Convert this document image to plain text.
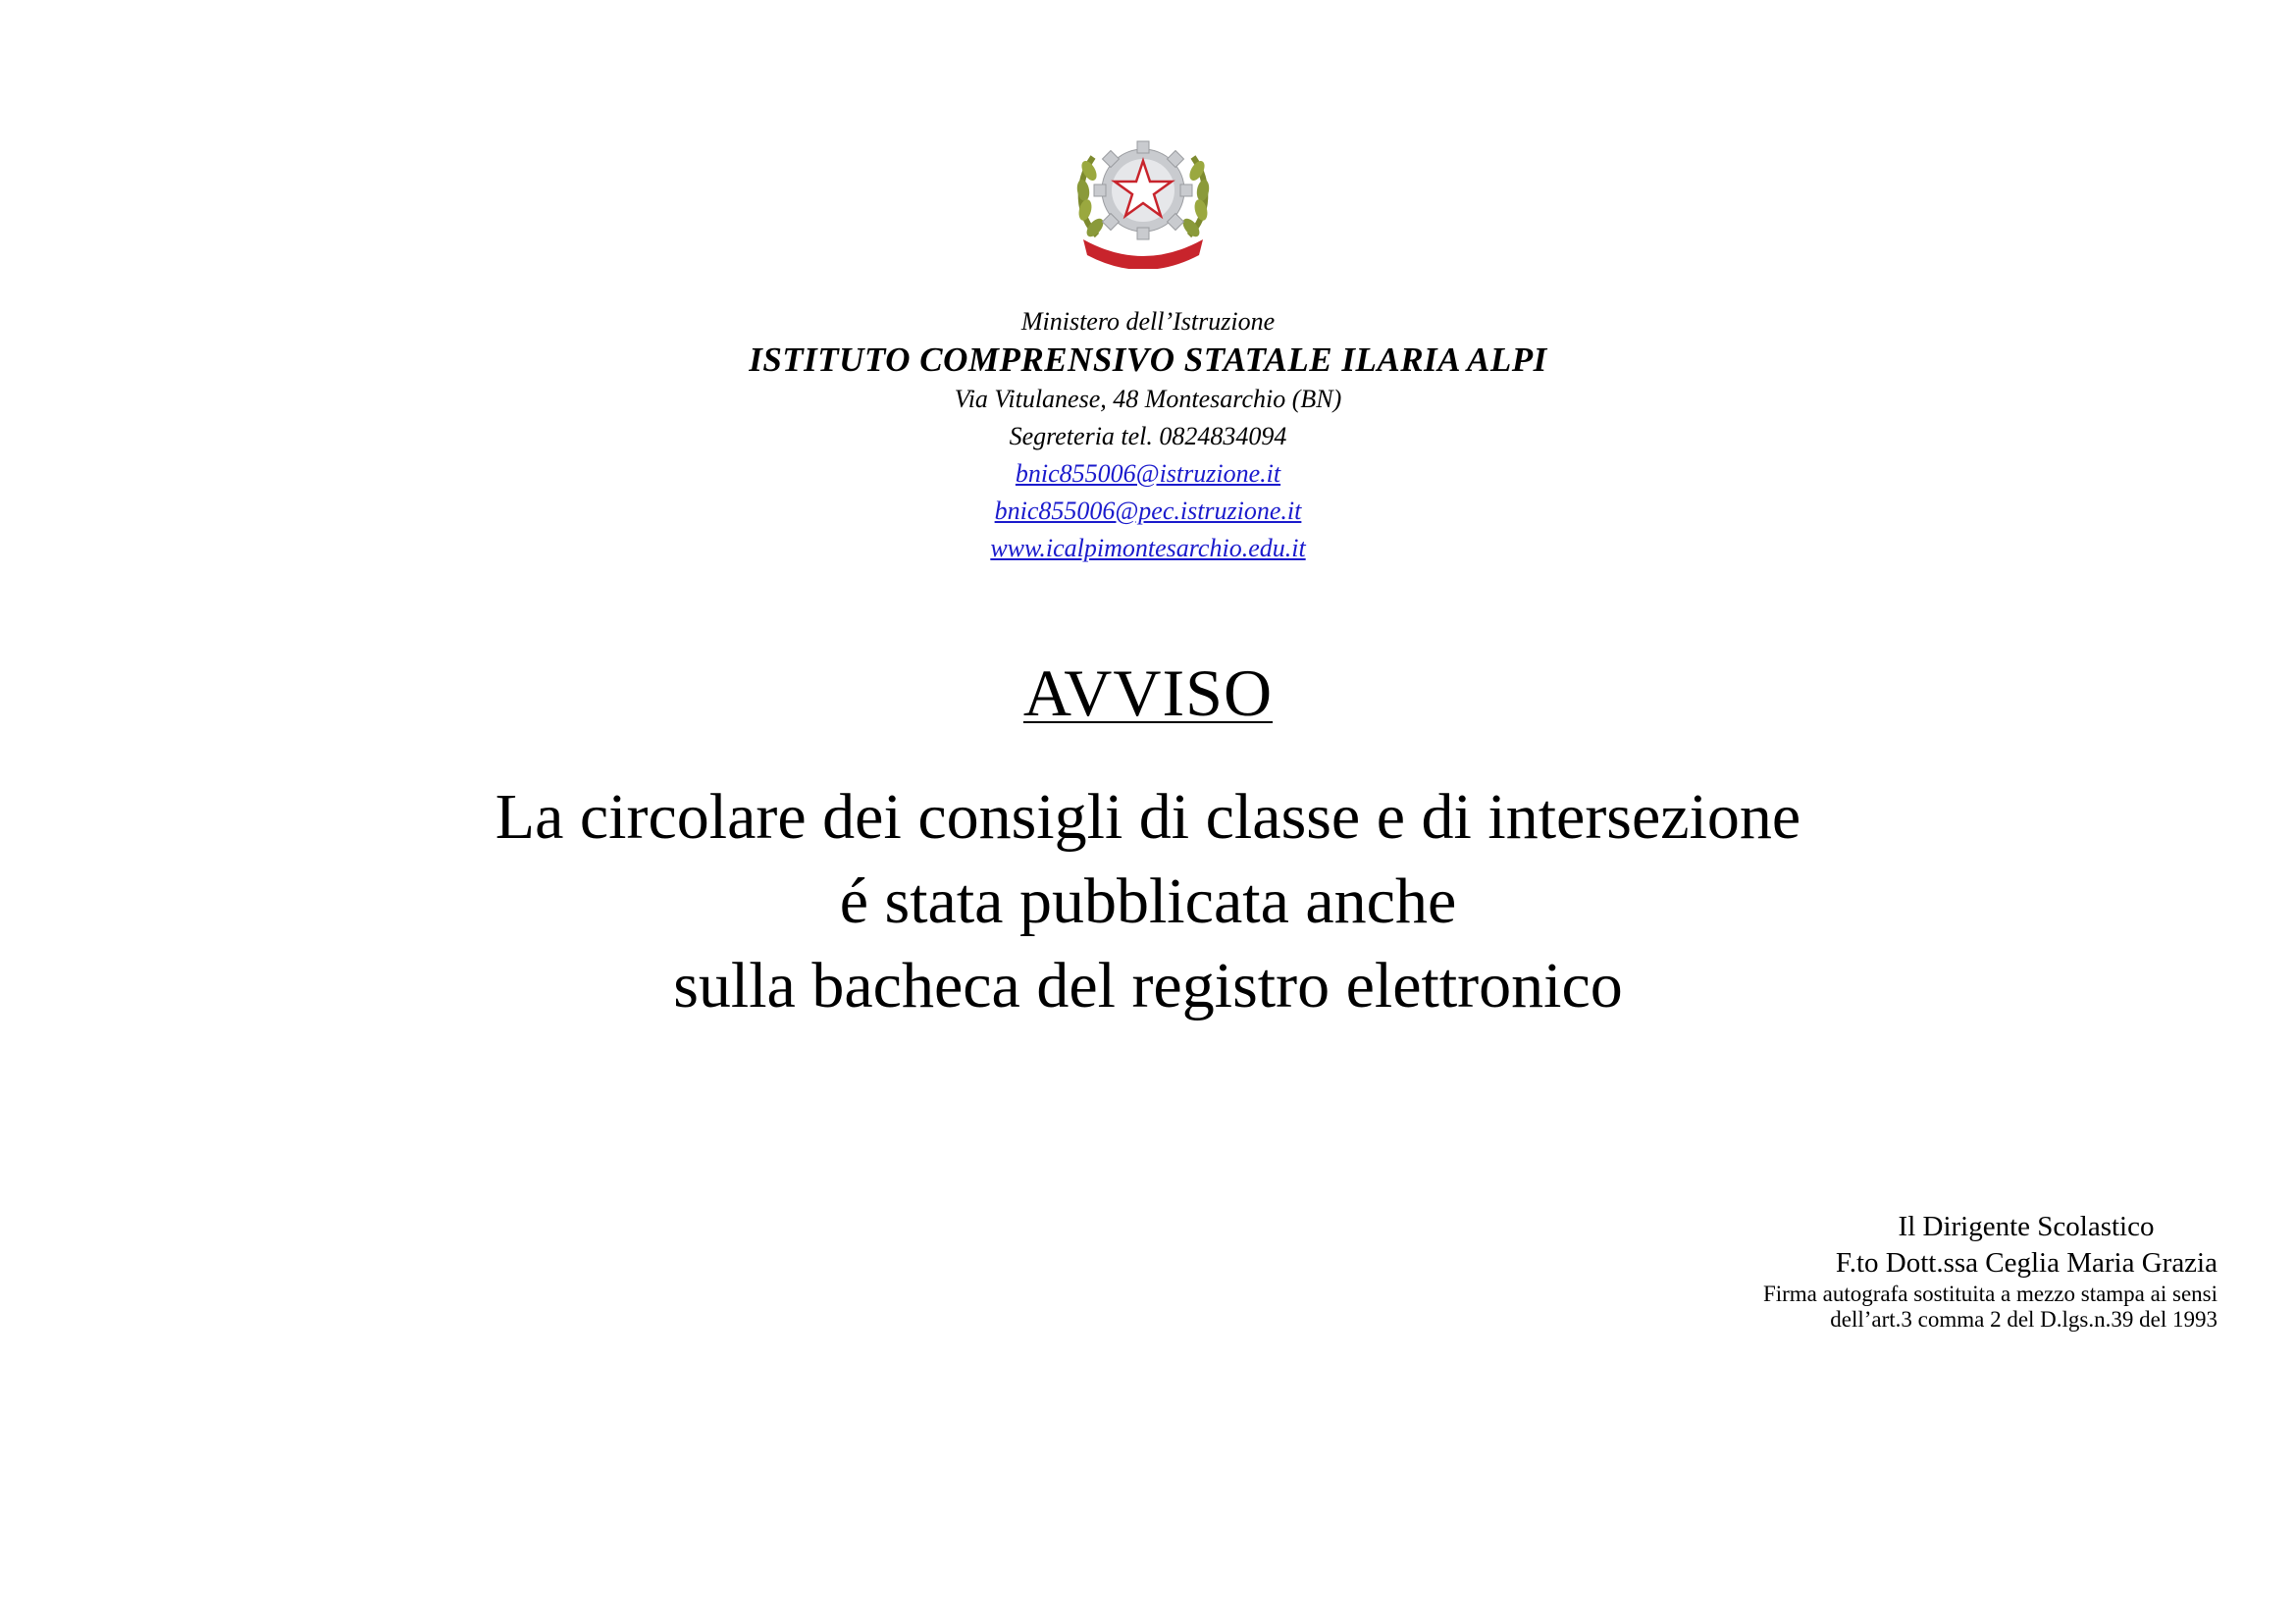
Ministero dell’Istruzione
ISTITUTO COMPRENSIVO STATALE ILARIA ALPI
Via Vitulanese, 48 Montesarchio (BN)
Segreteria tel. 0824834094
bnic855006@istruzione.it
bnic855006@pec.istruzione.it
www.icalpimontesarchio.edu.it
AVVISO
La circolare dei consigli di classe e di intersezione
é stata pubblicata anche
sulla bacheca del registro elettronico
Il Dirigente Scolastico
F.to Dott.ssa Ceglia Maria Grazia
Firma autografa sostituita a mezzo stampa ai sensi
dell’art.3 comma 2 del D.lgs.n.39 del 1993
